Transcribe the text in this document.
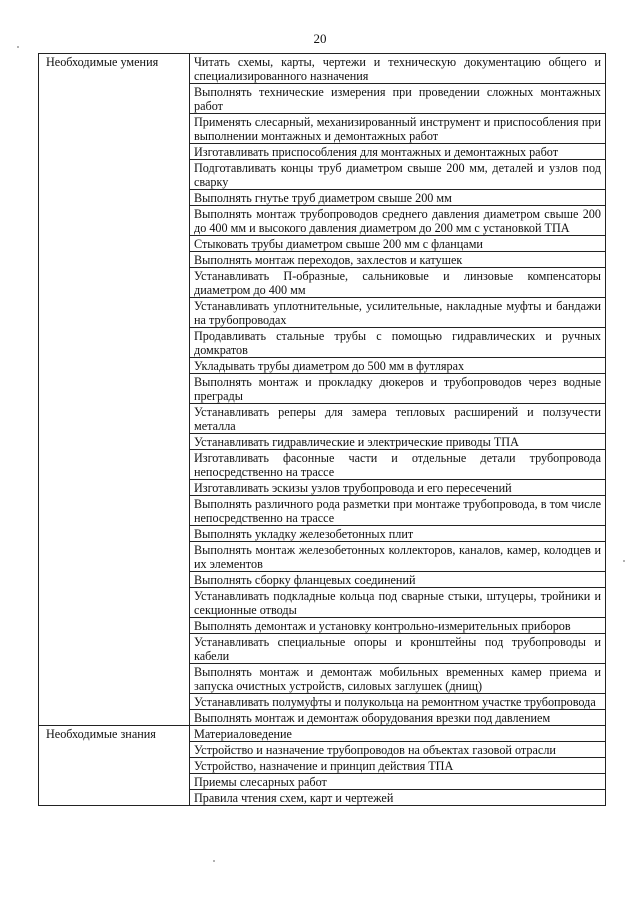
20
Необходимые умения	Читать схемы, карты, чертежи и техническую документацию общего и специализированного назначения
	Выполнять технические измерения при проведении сложных монтажных работ
	Применять слесарный, механизированный инструмент и приспособления при выполнении монтажных и демонтажных работ
	Изготавливать приспособления для монтажных и демонтажных работ
	Подготавливать концы труб диаметром свыше 200 мм, деталей и узлов под сварку
	Выполнять гнутье труб диаметром свыше 200 мм
	Выполнять монтаж трубопроводов среднего давления диаметром свыше 200 до 400 мм и высокого давления диаметром до 200 мм с установкой ТПА
	Стыковать трубы диаметром свыше 200 мм с фланцами
	Выполнять монтаж переходов, захлестов и катушек
	Устанавливать П-образные, сальниковые и линзовые компенсаторы диаметром до 400 мм
	Устанавливать уплотнительные, усилительные, накладные муфты и бандажи на трубопроводах
	Продавливать стальные трубы с помощью гидравлических и ручных домкратов
	Укладывать трубы диаметром до 500 мм в футлярах
	Выполнять монтаж и прокладку дюкеров и трубопроводов через водные преграды
	Устанавливать реперы для замера тепловых расширений и ползучести металла
	Устанавливать гидравлические и электрические приводы ТПА
	Изготавливать фасонные части и отдельные детали трубопровода непосредственно на трассе
	Изготавливать эскизы узлов трубопровода и его пересечений
	Выполнять различного рода разметки при монтаже трубопровода, в том числе непосредственно на трассе
	Выполнять укладку железобетонных плит
	Выполнять монтаж железобетонных коллекторов, каналов, камер, колодцев и их элементов
	Выполнять сборку фланцевых соединений
	Устанавливать подкладные кольца под сварные стыки, штуцеры, тройники и секционные отводы
	Выполнять демонтаж и установку контрольно-измерительных приборов
	Устанавливать специальные опоры и кронштейны под трубопроводы и кабели
	Выполнять монтаж и демонтаж мобильных временных камер приема и запуска очистных устройств, силовых заглушек (днищ)
	Устанавливать полумуфты и полукольца на ремонтном участке трубопровода
	Выполнять монтаж и демонтаж оборудования врезки под давлением
Необходимые знания	Материаловедение
	Устройство и назначение трубопроводов на объектах газовой отрасли
	Устройство, назначение и принцип действия ТПА
	Приемы слесарных работ
	Правила чтения схем, карт и чертежей
